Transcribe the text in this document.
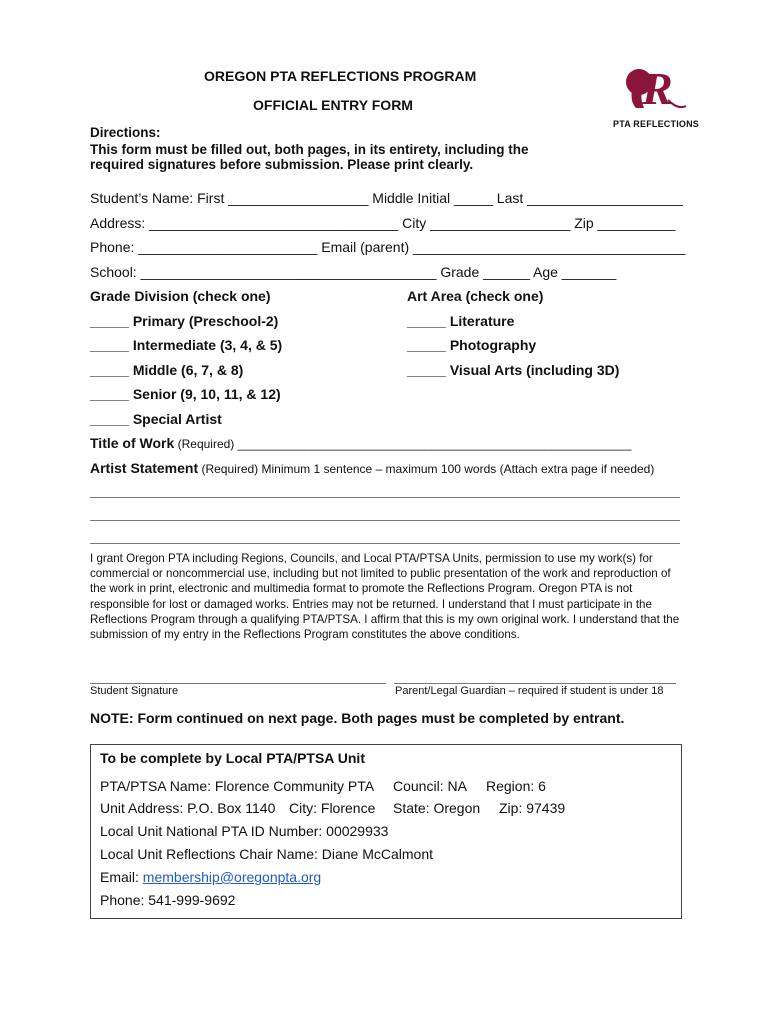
OREGON PTA REFLECTIONS PROGRAM
OFFICIAL ENTRY FORM	R
PTA REFLECTIONS
Directions:
This form must be filled out, both pages, in its entirety, including the
required signatures before submission. Please print clearly.
Student’s Name: First __________________ Middle Initial _____ Last ____________________
Address: ________________________________ City __________________ Zip __________
Phone: _______________________ Email (parent) ___________________________________
School: ______________________________________ Grade ______ Age _______
Grade Division (check one)
_____ Primary (Preschool-2)
_____ Intermediate (3, 4, & 5)
_____ Middle (6, 7, & 8)
_____ Senior (9, 10, 11, & 12)
_____ Special Artist
Art Area (check one)
_____ Literature
_____ Photography
_____ Visual Arts (including 3D)
Title of Work (Required) ___________________________________________________________
Artist Statement (Required) Minimum 1 sentence – maximum 100 words (Attach extra page if needed)
I grant Oregon PTA including Regions, Councils, and Local PTA/PTSA Units, permission to use my work(s) for commercial or noncommercial use, including but not limited to public presentation of the work and reproduction of the work in print, electronic and multimedia format to promote the Reflections Program. Oregon PTA is not responsible for lost or damaged works. Entries may not be returned. I understand that I must participate in the Reflections Program through a qualifying PTA/PTSA. I affirm that this is my own original work. I understand that the submission of my entry in the Reflections Program constitutes the above conditions.
Student Signature	Parent/Legal Guardian – required if student is under 18
NOTE: Form continued on next page. Both pages must be completed by entrant.
To be complete by Local PTA/PTSA Unit
PTA/PTSA Name: Florence Community PTA Council: NA Region: 6
Unit Address: P.O. Box 1140 City: Florence State: Oregon Zip: 97439
Local Unit National PTA ID Number: 00029933
Local Unit Reflections Chair Name: Diane McCalmont
Email: membership@oregonpta.org
Phone: 541-999-9692
